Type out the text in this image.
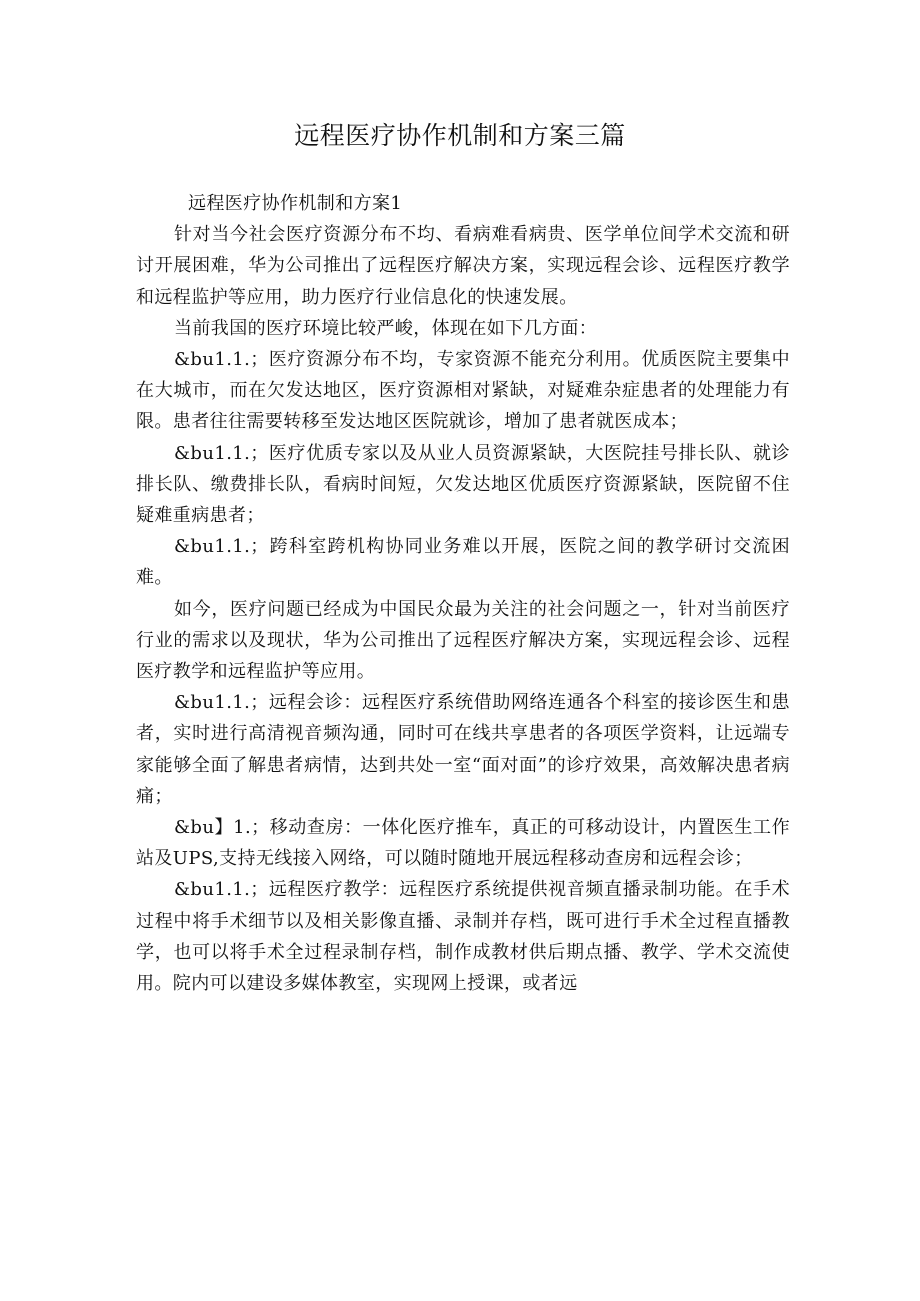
远程医疗协作机制和方案三篇

远程医疗协作机制和方案1

针对当今社会医疗资源分布不均、看病难看病贵、医学单位间学术交流和研讨开展困难，华为公司推出了远程医疗解决方案，实现远程会诊、远程医疗教学和远程监护等应用，助力医疗行业信息化的快速发展。

当前我国的医疗环境比较严峻，体现在如下几方面：

&bu1.1.；医疗资源分布不均，专家资源不能充分利用。优质医院主要集中在大城市，而在欠发达地区，医疗资源相对紧缺，对疑难杂症患者的处理能力有限。患者往往需要转移至发达地区医院就诊，增加了患者就医成本；

&bu1.1.；医疗优质专家以及从业人员资源紧缺，大医院挂号排长队、就诊排长队、缴费排长队，看病时间短，欠发达地区优质医疗资源紧缺，医院留不住疑难重病患者；

&bu1.1.；跨科室跨机构协同业务难以开展，医院之间的教学研讨交流困难。

如今，医疗问题已经成为中国民众最为关注的社会问题之一，针对当前医疗行业的需求以及现状，华为公司推出了远程医疗解决方案，实现远程会诊、远程医疗教学和远程监护等应用。

&bu1.1.；远程会诊：远程医疗系统借助网络连通各个科室的接诊医生和患者，实时进行高清视音频沟通，同时可在线共享患者的各项医学资料，让远端专家能够全面了解患者病情，达到共处一室“面对面”的诊疗效果，高效解决患者病痛；

&bu】1.；移动查房：一体化医疗推车，真正的可移动设计，内置医生工作站及UPS,支持无线接入网络，可以随时随地开展远程移动查房和远程会诊；

&bu1.1.；远程医疗教学：远程医疗系统提供视音频直播录制功能。在手术过程中将手术细节以及相关影像直播、录制并存档，既可进行手术全过程直播教学，也可以将手术全过程录制存档，制作成教材供后期点播、教学、学术交流使用。院内可以建设多媒体教室，实现网上授课，或者远
